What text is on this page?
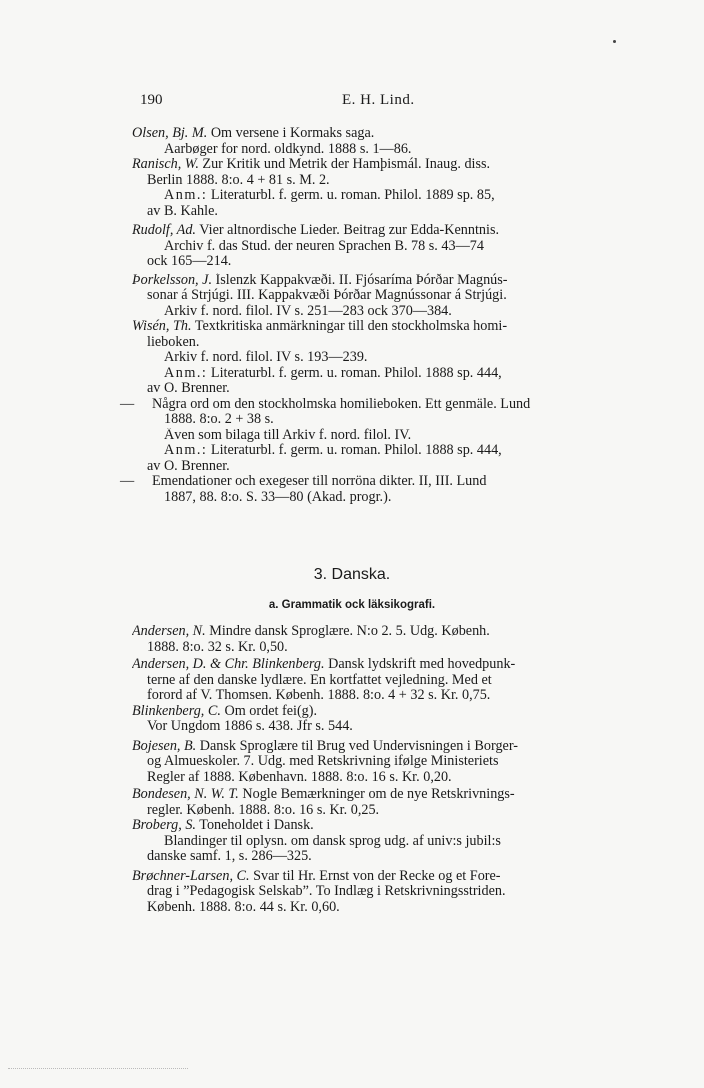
190	E. H. Lind.
Olsen, Bj. M. Om versene i Kormaks saga.
Aarbøger for nord. oldkynd. 1888 s. 1—86.
Ranisch, W. Zur Kritik und Metrik der Hamþismál. Inaug. diss.
Berlin 1888. 8:o. 4 + 81 s. M. 2.
Anm.: Literaturbl. f. germ. u. roman. Philol. 1889 sp. 85,
av B. Kahle.
Rudolf, Ad. Vier altnordische Lieder. Beitrag zur Edda-Kenntnis.
Archiv f. das Stud. der neuren Sprachen B. 78 s. 43—74
ock 165—214.
Þorkelsson, J. Íslenzk Kappakvæði. II. Fjósaríma Þórðar Magnús-
sonar á Strjúgi. III. Kappakvæði Þórðar Magnússonar á Strjúgi.
Arkiv f. nord. filol. IV s. 251—283 ock 370—384.
Wisén, Th. Textkritiska anmärkningar till den stockholmska homi-
lieboken.
Arkiv f. nord. filol. IV s. 193—239.
Anm.: Literaturbl. f. germ. u. roman. Philol. 1888 sp. 444,
av O. Brenner.
— Några ord om den stockholmska homilieboken. Ett genmäle. Lund
1888. 8:o. 2 + 38 s.
Även som bilaga till Arkiv f. nord. filol. IV.
Anm.: Literaturbl. f. germ. u. roman. Philol. 1888 sp. 444,
av O. Brenner.
— Emendationer och exegeser till norröna dikter. II, III. Lund
1887, 88. 8:o. S. 33—80 (Akad. progr.).
3. Danska.
a. Grammatik ock läksikografi.
Andersen, N. Mindre dansk Sproglære. N:o 2. 5. Udg. Københ.
1888. 8:o. 32 s. Kr. 0,50.
Andersen, D. & Chr. Blinkenberg. Dansk lydskrift med hovedpunk-
terne af den danske lydlære. En kortfattet vejledning. Med et
forord af V. Thomsen. Københ. 1888. 8:o. 4 + 32 s. Kr. 0,75.
Blinkenberg, C. Om ordet fei(g).
Vor Ungdom 1886 s. 438. Jfr s. 544.
Bojesen, B. Dansk Sproglære til Brug ved Undervisningen i Borger-
og Almueskoler. 7. Udg. med Retskrivning ifølge Ministeriets
Regler af 1888. København. 1888. 8:o. 16 s. Kr. 0,20.
Bondesen, N. W. T. Nogle Bemærkninger om de nye Retskrivnings-
regler. Københ. 1888. 8:o. 16 s. Kr. 0,25.
Broberg, S. Toneholdet i Dansk.
Blandinger til oplysn. om dansk sprog udg. af univ:s jubil:s
danske samf. 1, s. 286—325.
Brøchner-Larsen, C. Svar til Hr. Ernst von der Recke og et Fore-
drag i ”Pedagogisk Selskab”. To Indlæg i Retskrivningsstriden.
Københ. 1888. 8:o. 44 s. Kr. 0,60.
